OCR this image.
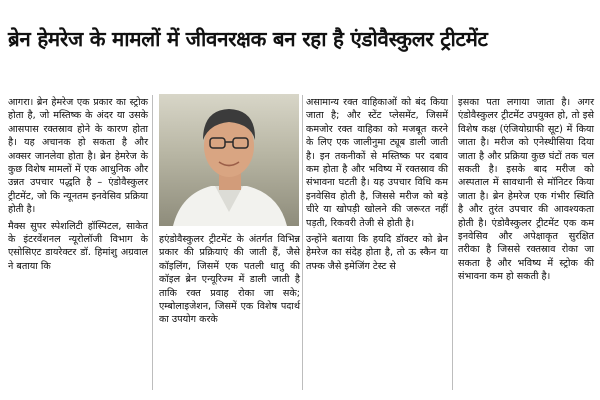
ब्रेन हेमरेज के मामलों में जीवनरक्षक बन रहा है एंडोवैस्कुलर ट्रीटमेंट

आगरा। ब्रेन हेमरेज एक प्रकार का स्ट्रोक होता है, जो मस्तिष्क के अंदर या उसके आसपास रक्तस्राव होने के कारण होता है। यह अचानक हो सकता है और अक्सर जानलेवा होता है। ब्रेन हेमरेज के कुछ विशेष मामलों में एक आधुनिक और उन्नत उपचार पद्धति है – एंडोवैस्कुलर ट्रीटमेंट, जो कि न्यूनतम इनवेसिव प्रक्रिया होती है।

मैक्स सुपर स्पेशलिटी हॉस्पिटल, साकेत के इंटरवेंशनल न्यूरोलॉजी विभाग के एसोसिएट डायरेक्टर डॉ. हिमांशु अग्रवाल ने बताया कि

हएंडोवैस्कुलर ट्रीटमेंट के अंतर्गत विभिन्न प्रकार की प्रक्रियाएं की जाती हैं, जैसे कॉइलिंग, जिसमें एक पतली धातु की कॉइल ब्रेन एन्यूरिज्म में डाली जाती है ताकि रक्त प्रवाह रोका जा सके; एम्बोलाइजेशन, जिसमें एक विशेष पदार्थ का उपयोग करके

असामान्य रक्त वाहिकाओं को बंद किया जाता है; और स्टेंट प्लेसमेंट, जिसमें कमजोर रक्त वाहिका को मजबूत करने के लिए एक जालीनुमा ट्यूब डाली जाती है। इन तकनीकों से मस्तिष्क पर दबाव कम होता है और भविष्य में रक्तस्राव की संभावना घटती है। यह उपचार विधि कम इनवेसिव होती है, जिससे मरीज को बड़े चीरे या खोपड़ी खोलने की जरूरत नहीं पड़ती, रिकवरी तेजी से होती है।

उन्होंने बताया कि हयदि डॉक्टर को ब्रेन हेमरेज का संदेह होता है, तो ऊ स्कैन या तफ्क जैसे इमेजिंग टेस्ट से

इसका पता लगाया जाता है। अगर एंडोवैस्कुलर ट्रीटमेंट उपयुक्त हो, तो इसे विशेष कक्ष (एंजियोग्राफी सूट) में किया जाता है। मरीज को एनेस्थीसिया दिया जाता है और प्रक्रिया कुछ घंटों तक चल सकती है। इसके बाद मरीज को अस्पताल में सावधानी से मॉनिटर किया जाता है। ब्रेन हेमरेज एक गंभीर स्थिति है और तुरंत उपचार की आवश्यकता होती है। एंडोवैस्कुलर ट्रीटमेंट एक कम इनवेसिव और अपेक्षाकृत सुरक्षित तरीका है जिससे रक्तस्राव रोका जा सकता है और भविष्य में स्ट्रोक की संभावना कम हो सकती है।
